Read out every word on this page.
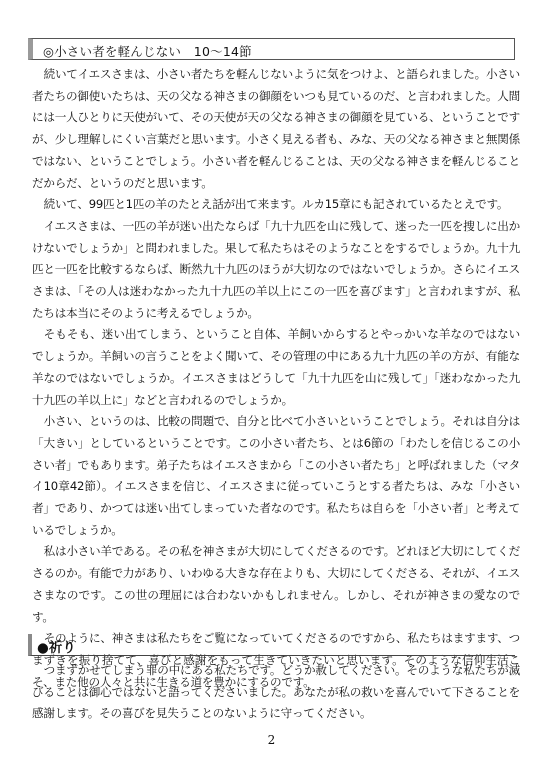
◎小さい者を軽んじない　10〜14節

続いてイエスさまは、小さい者たちを軽んじないように気をつけよ、と語られました。小さい者たちの御使いたちは、天の父なる神さまの御顔をいつも見ているのだ、と言われました。人間には一人ひとりに天使がいて、その天使が天の父なる神さまの御顔を見ている、ということですが、少し理解しにくい言葉だと思います。小さく見える者も、みな、天の父なる神さまと無関係ではない、ということでしょう。小さい者を軽んじることは、天の父なる神さまを軽んじることだからだ、というのだと思います。

続いて、99匹と1匹の羊のたとえ話が出て来ます。ルカ15章にも記されているたとえです。

イエスさまは、一匹の羊が迷い出たならば「九十九匹を山に残して、迷った一匹を捜しに出かけないでしょうか」と問われました。果して私たちはそのようなことをするでしょうか。九十九匹と一匹を比較するならば、断然九十九匹のほうが大切なのではないでしょうか。さらにイエスさまは、「その人は迷わなかった九十九匹の羊以上にこの一匹を喜びます」と言われますが、私たちは本当にそのように考えるでしょうか。

そもそも、迷い出てしまう、ということ自体、羊飼いからするとやっかいな羊なのではないでしょうか。羊飼いの言うことをよく聞いて、その管理の中にある九十九匹の羊の方が、有能な羊なのではないでしょうか。イエスさまはどうして「九十九匹を山に残して」「迷わなかった九十九匹の羊以上に」などと言われるのでしょうか。

小さい、というのは、比較の問題で、自分と比べて小さいということでしょう。それは自分は「大きい」としているということです。この小さい者たち、とは6節の「わたしを信じるこの小さい者」でもあります。弟子たちはイエスさまから「この小さい者たち」と呼ばれました（マタイ10章42節）。イエスさまを信じ、イエスさまに従っていこうとする者たちは、みな「小さい者」であり、かつては迷い出てしまっていた者なのです。私たちは自らを「小さい者」と考えているでしょうか。

私は小さい羊である。その私を神さまが大切にしてくださるのです。どれほど大切にしてくださるのか。有能で力があり、いわゆる大きな存在よりも、大切にしてくださる、それが、イエスさまなのです。この世の理屈には合わないかもしれません。しかし、それが神さまの愛なのです。

そのように、神さまは私たちをご覧になっていてくださるのですから、私たちはますます、つまずきを振り捨てて、喜びと感謝をもって生きていきたいと思います。そのような信仰生活こそ、また他の人々と共に生きる道を豊かにするのです。

●祈り

つまずかせてしまう罪の中にある私たちです。どうか赦してください。そのような私たちが滅びることは御心ではないと語ってくださいました。あなたが私の救いを喜んでいて下さることを感謝します。その喜びを見失うことのないように守ってください。

2
